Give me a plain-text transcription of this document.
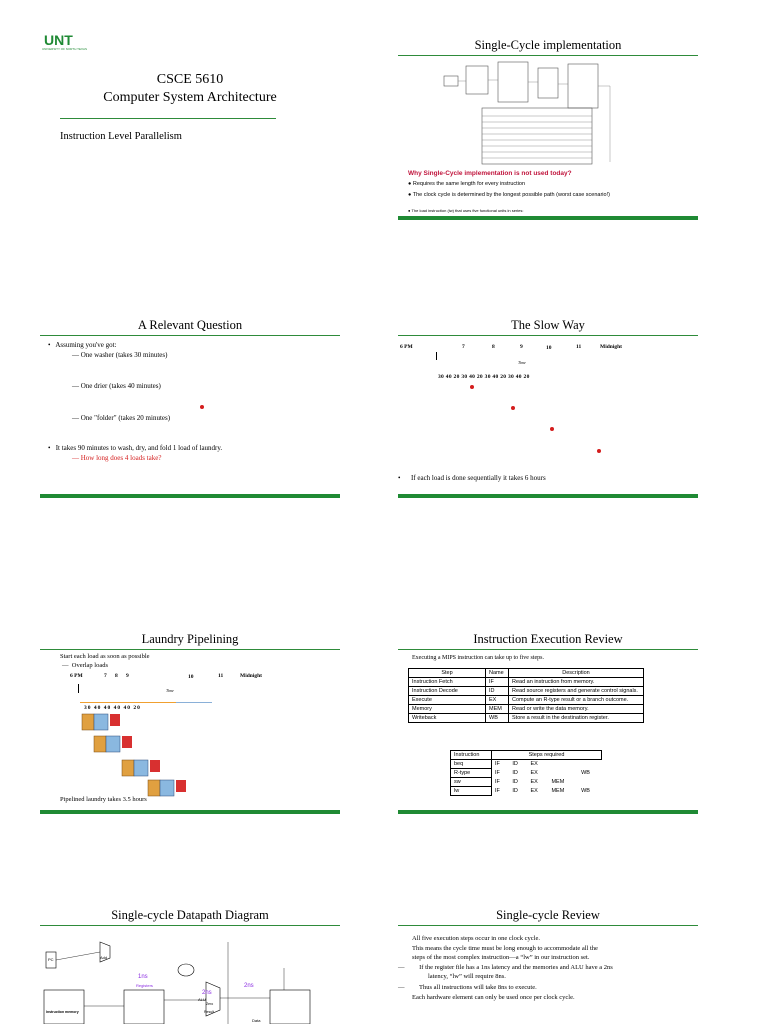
UNT
UNIVERSITY OF NORTH TEXAS
CSCE 5610
Computer System Architecture
Instruction Level Parallelism
Single-Cycle implementation
Why Single-Cycle implementation is not used today?
● Requires the same length for every instruction
● The clock cycle is determined by the longest possible path (worst case scenario!)
● The load instruction (lw) that uses five functional units in series:
A Relevant Question
•   Assuming you've got:
— One washer (takes 30 minutes)
— One drier (takes 40 minutes)
— One "folder" (takes 20 minutes)
•   It takes 90 minutes to wash, dry, and fold 1 load of laundry.
— How long does 4 loads take?
The Slow Way
6 PM	7	8	9	10	11	Midnight
Time
30 40 20 30 40 20 30 40 20 30 40 20
•      If each load is done sequentially it takes 6 hours
Laundry Pipelining
Start each load as soon as possible
—  Overlap loads
6 PM	7 8 9	10	11	Midnight
Time
30 40 40 40 40 20
Pipelined laundry takes 3.5 hours
Instruction Execution Review
Executing a MIPS instruction can take up to five steps.
Step	Name	Description
Instruction Fetch	IF	Read an instruction from memory.
Instruction Decode	ID	Read source registers and generate control signals.
Execute	EX	Compute an R-type result or a branch outcome.
Memory	MEM	Read or write the data memory.
Writeback	WB	Store a result in the destination register.
Instruction	Steps required				
beq	IF	ID	EX		
R-type	IF	ID	EX		WB
sw	IF	ID	EX	MEM	
lw	IF	ID	EX	MEM	WB
Single-cycle Datapath Diagram
PC	Add
1ns
2ns
2ns
Registers
ALU
Zero
Result
Instruction memory
Data
Single-cycle Review
All five execution steps occur in one clock cycle.
This means the cycle time must be long enough to accommodate all the
steps of the most complex instruction—a “lw” in our instruction set.
—         If the register file has a 1ns latency and the memories and ALU have a 2ns
latency, “lw” will require 8ns.
—         Thus all instructions will take 8ns to execute.
Each hardware element can only be used once per clock cycle.
